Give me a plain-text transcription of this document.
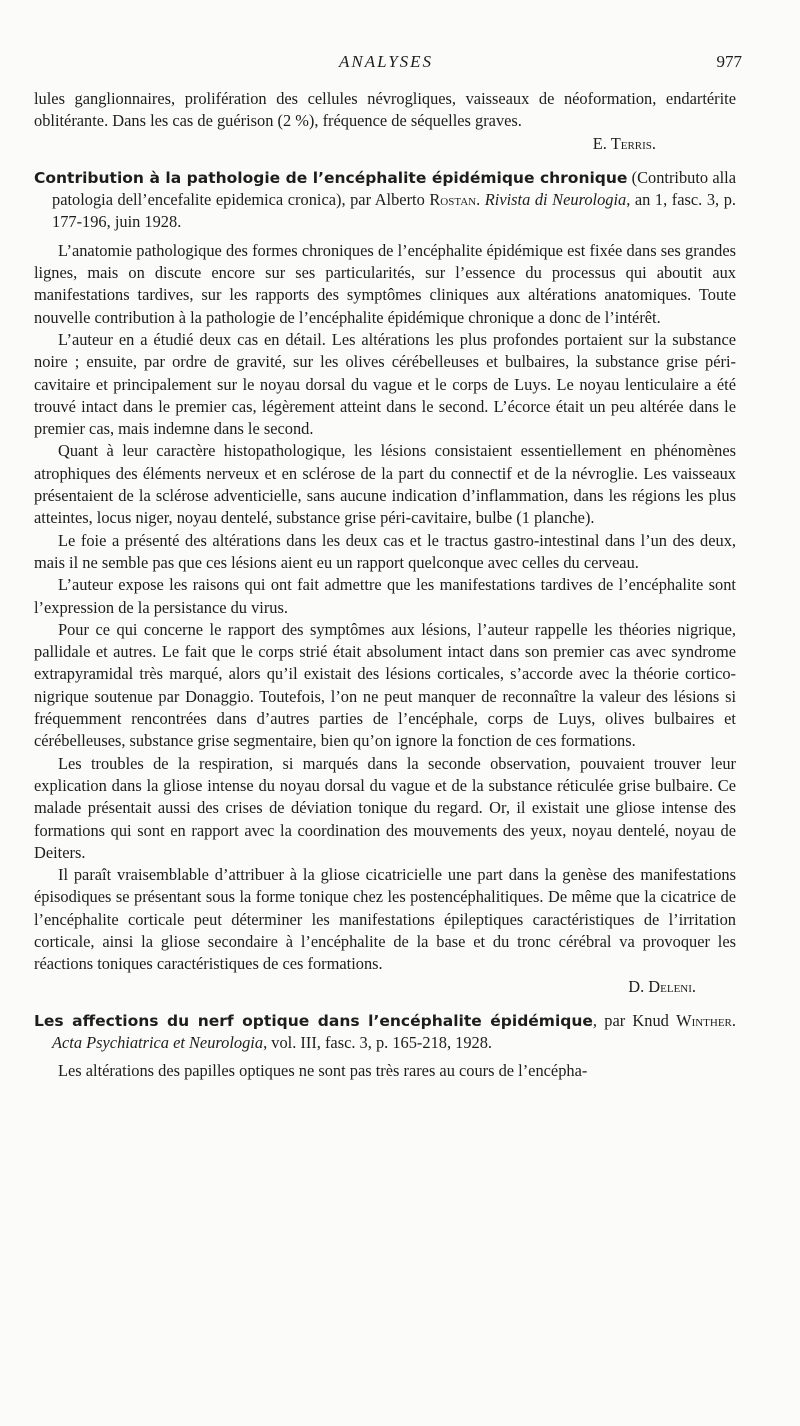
ANALYSES	977

lules ganglionnaires, prolifération des cellules névrogliques, vaisseaux de néoformation, endartérite oblitérante. Dans les cas de guérison (2 %), fréquence de séquelles graves.

E. Terris.

Contribution à la pathologie de l’encéphalite épidémique chronique (Contributo alla patologia dell’encefalite epidemica cronica), par Alberto Rostan. Rivista di Neurologia, an 1, fasc. 3, p. 177-196, juin 1928.

L’anatomie pathologique des formes chroniques de l’encéphalite épidémique est fixée dans ses grandes lignes, mais on discute encore sur ses particularités, sur l’essence du processus qui aboutit aux manifestations tardives, sur les rapports des symptômes cliniques aux altérations anatomiques. Toute nouvelle contribution à la pathologie de l’encéphalite épidémique chronique a donc de l’intérêt.

L’auteur en a étudié deux cas en détail. Les altérations les plus profondes portaient sur la substance noire ; ensuite, par ordre de gravité, sur les olives cérébelleuses et bulbaires, la substance grise péri-cavitaire et principalement sur le noyau dorsal du vague et le corps de Luys. Le noyau lenticulaire a été trouvé intact dans le premier cas, légèrement atteint dans le second. L’écorce était un peu altérée dans le premier cas, mais indemne dans le second.

Quant à leur caractère histopathologique, les lésions consistaient essentiellement en phénomènes atrophiques des éléments nerveux et en sclérose de la part du connectif et de la névroglie. Les vaisseaux présentaient de la sclérose adventicielle, sans aucune indication d’inflammation, dans les régions les plus atteintes, locus niger, noyau dentelé, substance grise péri-cavitaire, bulbe (1 planche).

Le foie a présenté des altérations dans les deux cas et le tractus gastro-intestinal dans l’un des deux, mais il ne semble pas que ces lésions aient eu un rapport quelconque avec celles du cerveau.

L’auteur expose les raisons qui ont fait admettre que les manifestations tardives de l’encéphalite sont l’expression de la persistance du virus.

Pour ce qui concerne le rapport des symptômes aux lésions, l’auteur rappelle les théories nigrique, pallidale et autres. Le fait que le corps strié était absolument intact dans son premier cas avec syndrome extrapyramidal très marqué, alors qu’il existait des lésions corticales, s’accorde avec la théorie cortico-nigrique soutenue par Donaggio. Toutefois, l’on ne peut manquer de reconnaître la valeur des lésions si fréquemment rencontrées dans d’autres parties de l’encéphale, corps de Luys, olives bulbaires et cérébelleuses, substance grise segmentaire, bien qu’on ignore la fonction de ces formations.

Les troubles de la respiration, si marqués dans la seconde observation, pouvaient trouver leur explication dans la gliose intense du noyau dorsal du vague et de la substance réticulée grise bulbaire. Ce malade présentait aussi des crises de déviation tonique du regard. Or, il existait une gliose intense des formations qui sont en rapport avec la coordination des mouvements des yeux, noyau dentelé, noyau de Deiters.

Il paraît vraisemblable d’attribuer à la gliose cicatricielle une part dans la genèse des manifestations épisodiques se présentant sous la forme tonique chez les postencéphalitiques. De même que la cicatrice de l’encéphalite corticale peut déterminer les manifestations épileptiques caractéristiques de l’irritation corticale, ainsi la gliose secondaire à l’encéphalite de la base et du tronc cérébral va provoquer les réactions toniques caractéristiques de ces formations.

D. Deleni.

Les affections du nerf optique dans l’encéphalite épidémique, par Knud Winther. Acta Psychiatrica et Neurologia, vol. III, fasc. 3, p. 165-218, 1928.

Les altérations des papilles optiques ne sont pas très rares au cours de l’encépha-
